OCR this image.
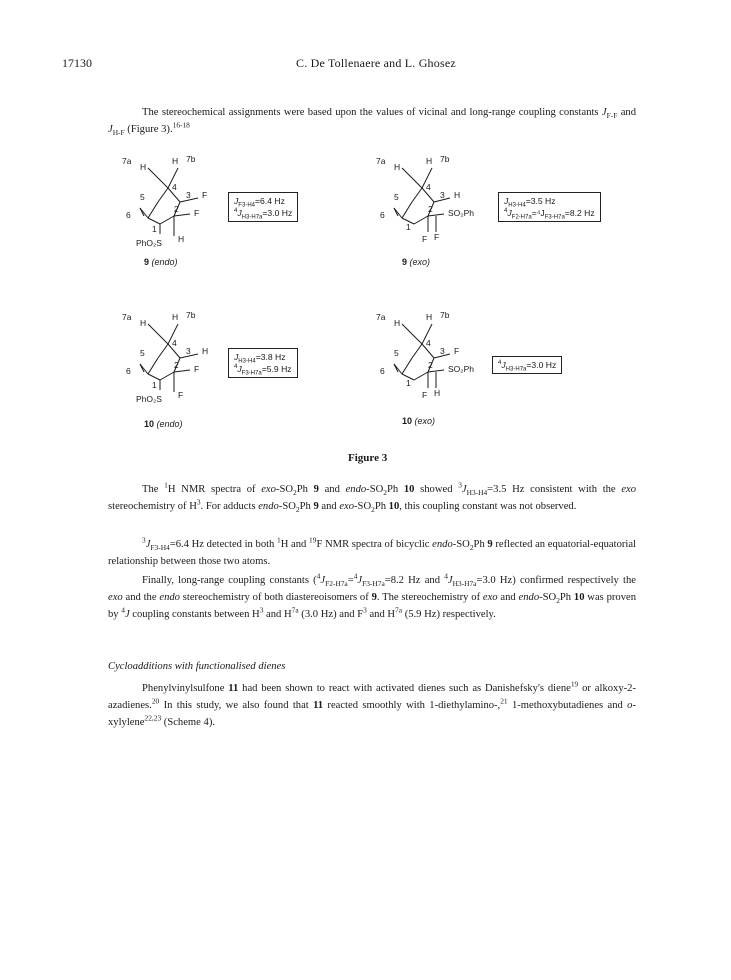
17130	C. De Tollenaere and L. Ghosez
The stereochemical assignments were based upon the values of vicinal and long-range coupling constants $J_{F-F}$ and $J_{H-F}$ (Figure 3).$^{16-18}$
7a
H
H 7b
4
3
5
2
6
1
F
F
PhO₂S H
$J_{F3-H4}=6.4$ Hz
$^4J_{H3-H7a}=3.0$ Hz
9 (endo)
7a
H
H 7b
4
3
5
2
6
1
H
SO₂Ph
F F
$J_{H3-H4}=3.5$ Hz
$^4J_{F2-H7a}=^4J_{F3-H7a}=8.2$ Hz
9 (exo)
7a
H
H 7b
4
3
5
2
6
1
H
F
PhO₂S F
$J_{H3-H4}=3.8$ Hz
$^4J_{F3-H7a}=5.9$ Hz
10 (endo)
7a
H
H 7b
4
3
5
2
6
1
F
SO₂Ph
F H
$^4J_{H3-H7a}=3.0$ Hz
10 (exo)
Figure 3
The $^1$H NMR spectra of exo-$SO_2Ph$ 9 and endo-$SO_2Ph$ 10 showed $^3J_{H3-H4}=3.5$ Hz consistent with the exo stereochemistry of $H^3$. For adducts endo-$SO_2Ph$ 9 and exo-$SO_2Ph$ 10, this coupling constant was not observed.
$^3J_{F3-H4}=6.4$ Hz detected in both $^1$H and $^{19}$F NMR spectra of bicyclic endo-$SO_2Ph$ 9 reflected an equatorial-equatorial relationship between those two atoms.
Finally, long-range coupling constants ($^4J_{F2-H7a}=^4J_{F3-H7a}=8.2$ Hz and $^4J_{H3-H7a}=3.0$ Hz) confirmed respectively the exo and the endo stereochemistry of both diastereoisomers of 9. The stereochemistry of exo and endo-$SO_2Ph$ 10 was proven by $^4$J coupling constants between $H^3$ and $H^{7a}$ (3.0 Hz) and $F^3$ and $H^{7a}$ (5.9 Hz) respectively.
Cycloadditions with functionalised dienes
Phenylvinylsulfone 11 had been shown to react with activated dienes such as Danishefsky's diene$^{19}$ or alkoxy-2-azadienes.$^{20}$ In this study, we also found that 11 reacted smoothly with 1-diethylamino-,$^{21}$ 1-methoxybutadienes and o-xylylene$^{22,23}$ (Scheme 4).
